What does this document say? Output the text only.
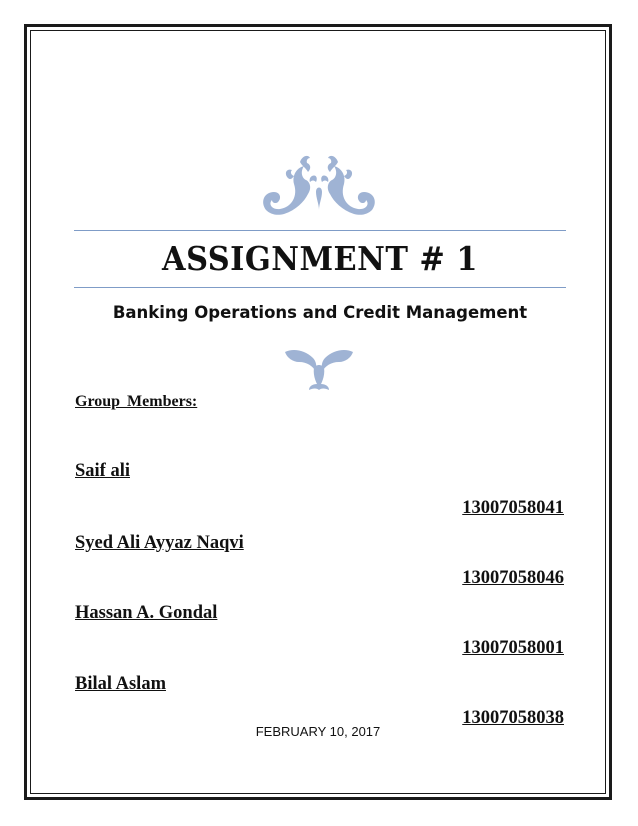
ASSIGNMENT # 1
Banking Operations and Credit Management
Group Members:
Saif ali
13007058041
Syed Ali Ayyaz Naqvi
13007058046
Hassan A. Gondal
13007058001
Bilal Aslam
13007058038
FEBRUARY 10, 2017
